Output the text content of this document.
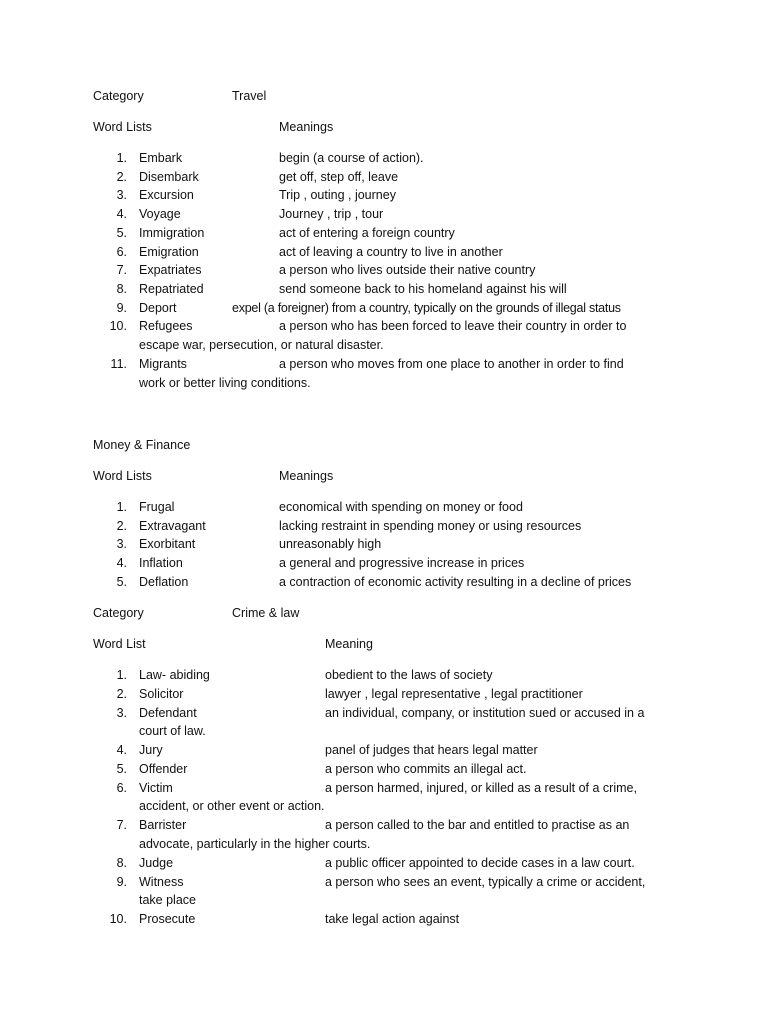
Category	Travel
Word Lists	Meanings
1. Embark	begin (a course of action).
2. Disembark	get off, step off, leave
3. Excursion	Trip , outing , journey
4. Voyage	Journey , trip , tour
5. Immigration	act of entering a foreign country
6. Emigration	act of leaving a country to live in another
7. Expatriates	a person who lives outside their native country
8. Repatriated	send someone back to his homeland against his will
9. Deport	expel (a foreigner) from a country, typically on the grounds of illegal status
10. Refugees	a person who has been forced to leave their country in order to
escape war, persecution, or natural disaster.
11. Migrants	a person who moves from one place to another in order to find
work or better living conditions.
Money & Finance
Word Lists	Meanings
1. Frugal	economical with spending on money or food
2. Extravagant	lacking restraint in spending money or using resources
3. Exorbitant	unreasonably high
4. Inflation	a general and progressive increase in prices
5. Deflation	a contraction of economic activity resulting in a decline of prices
Category	Crime & law
Word List	Meaning
1. Law- abiding	obedient to the laws of society
2. Solicitor	lawyer , legal representative , legal practitioner
3. Defendant	an individual, company, or institution sued or accused in a
court of law.
4. Jury	panel of judges that hears legal matter
5. Offender	a person who commits an illegal act.
6. Victim	a person harmed, injured, or killed as a result of a crime,
accident, or other event or action.
7. Barrister	a person called to the bar and entitled to practise as an
advocate, particularly in the higher courts.
8. Judge	a public officer appointed to decide cases in a law court.
9. Witness	a person who sees an event, typically a crime or accident,
take place
10. Prosecute	take legal action against
